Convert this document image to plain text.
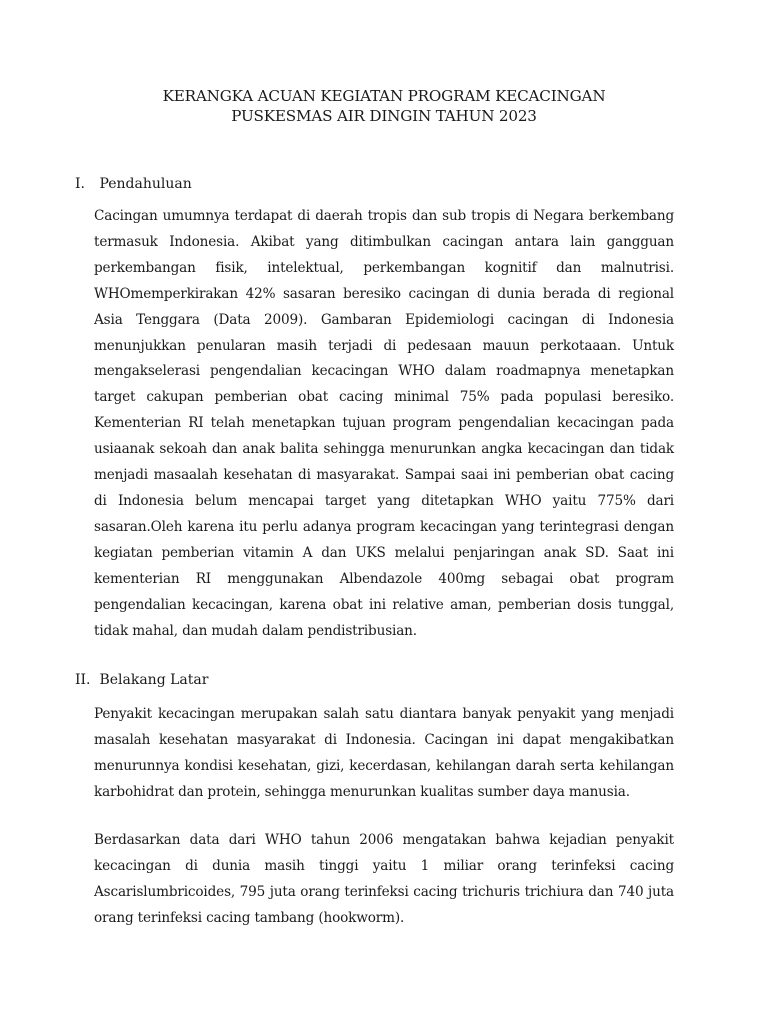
KERANGKA ACUAN KEGIATAN PROGRAM KECACINGAN
PUSKESMAS AIR DINGIN TAHUN 2023
I. Pendahuluan
Cacingan umumnya terdapat di daerah tropis dan sub tropis di Negara berkembang termasuk Indonesia. Akibat yang ditimbulkan cacingan antara lain gangguan perkembangan fisik, intelektual, perkembangan kognitif dan malnutrisi. WHOmemperkirakan 42% sasaran beresiko cacingan di dunia berada di regional Asia Tenggara (Data 2009). Gambaran Epidemiologi cacingan di Indonesia menunjukkan penularan masih terjadi di pedesaan mauun perkotaaan. Untuk mengakselerasi pengendalian kecacingan WHO dalam roadmapnya menetapkan target cakupan pemberian obat cacing minimal 75% pada populasi beresiko. Kementerian RI telah menetapkan tujuan program pengendalian kecacingan pada usiaanak sekoah dan anak balita sehingga menurunkan angka kecacingan dan tidak menjadi masaalah kesehatan di masyarakat. Sampai saai ini pemberian obat cacing di Indonesia belum mencapai target yang ditetapkan WHO yaitu 775% dari sasaran.Oleh karena itu perlu adanya program kecacingan yang terintegrasi dengan kegiatan pemberian vitamin A dan UKS melalui penjaringan anak SD. Saat ini kementerian RI menggunakan Albendazole 400mg sebagai obat program pengendalian kecacingan, karena obat ini relative aman, pemberian dosis tunggal, tidak mahal, dan mudah dalam pendistribusian.
II. Belakang Latar
Penyakit kecacingan merupakan salah satu diantara banyak penyakit yang menjadi masalah kesehatan masyarakat di Indonesia. Cacingan ini dapat mengakibatkan menurunnya kondisi kesehatan, gizi, kecerdasan, kehilangan darah serta kehilangan karbohidrat dan protein, sehingga menurunkan kualitas sumber daya manusia.
Berdasarkan data dari WHO tahun 2006 mengatakan bahwa kejadian penyakit kecacingan di dunia masih tinggi yaitu 1 miliar orang terinfeksi cacing Ascarislumbricoides, 795 juta orang terinfeksi cacing trichuris trichiura dan 740 juta orang terinfeksi cacing tambang (hookworm).
